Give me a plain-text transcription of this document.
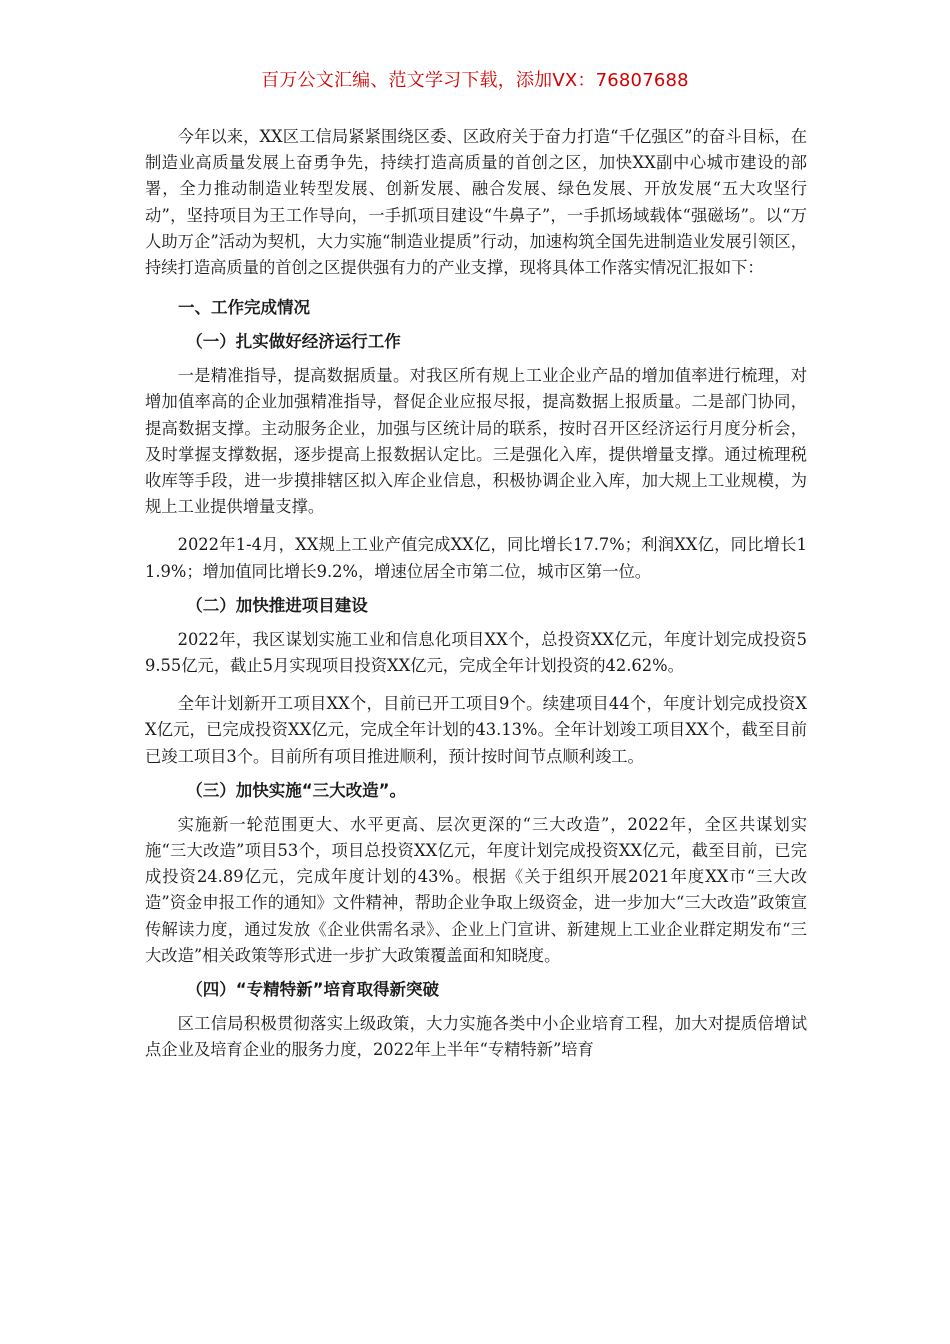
百万公文汇编、范文学习下载，添加VX：76807688

今年以来，XX区工信局紧紧围绕区委、区政府关于奋力打造“千亿强区”的奋斗目标，在制造业高质量发展上奋勇争先，持续打造高质量的首创之区，加快XX副中心城市建设的部署，全力推动制造业转型发展、创新发展、融合发展、绿色发展、开放发展“五大攻坚行动”，坚持项目为王工作导向，一手抓项目建设“牛鼻子”，一手抓场域载体“强磁场”。以“万人助万企”活动为契机，大力实施“制造业提质”行动，加速构筑全国先进制造业发展引领区，持续打造高质量的首创之区提供强有力的产业支撑，现将具体工作落实情况汇报如下：

一、工作完成情况
（一）扎实做好经济运行工作

一是精准指导，提高数据质量。对我区所有规上工业企业产品的增加值率进行梳理，对增加值率高的企业加强精准指导，督促企业应报尽报，提高数据上报质量。二是部门协同，提高数据支撑。主动服务企业，加强与区统计局的联系，按时召开区经济运行月度分析会，及时掌握支撑数据，逐步提高上报数据认定比。三是强化入库，提供增量支撑。通过梳理税收库等手段，进一步摸排辖区拟入库企业信息，积极协调企业入库，加大规上工业规模，为规上工业提供增量支撑。

2022年1-4月，XX规上工业产值完成XX亿，同比增长17.7%；利润XX亿，同比增长11.9%；增加值同比增长9.2%，增速位居全市第二位，城市区第一位。

（二）加快推进项目建设

2022年，我区谋划实施工业和信息化项目XX个，总投资XX亿元，年度计划完成投资59.55亿元，截止5月实现项目投资XX亿元，完成全年计划投资的42.62%。

全年计划新开工项目XX个，目前已开工项目9个。续建项目44个，年度计划完成投资XX亿元，已完成投资XX亿元，完成全年计划的43.13%。全年计划竣工项目XX个，截至目前已竣工项目3个。目前所有项目推进顺利，预计按时间节点顺利竣工。

（三）加快实施“三大改造”。

实施新一轮范围更大、水平更高、层次更深的“三大改造”，2022年，全区共谋划实施“三大改造”项目53个，项目总投资XX亿元，年度计划完成投资XX亿元，截至目前，已完成投资24.89亿元，完成年度计划的43%。根据《关于组织开展2021年度XX市“三大改造”资金申报工作的通知》文件精神，帮助企业争取上级资金，进一步加大“三大改造”政策宣传解读力度，通过发放《企业供需名录》、企业上门宣讲、新建规上工业企业群定期发布“三大改造”相关政策等形式进一步扩大政策覆盖面和知晓度。

（四）“专精特新”培育取得新突破

区工信局积极贯彻落实上级政策，大力实施各类中小企业培育工程，加大对提质倍增试点企业及培育企业的服务力度，2022年上半年“专精特新”培育
